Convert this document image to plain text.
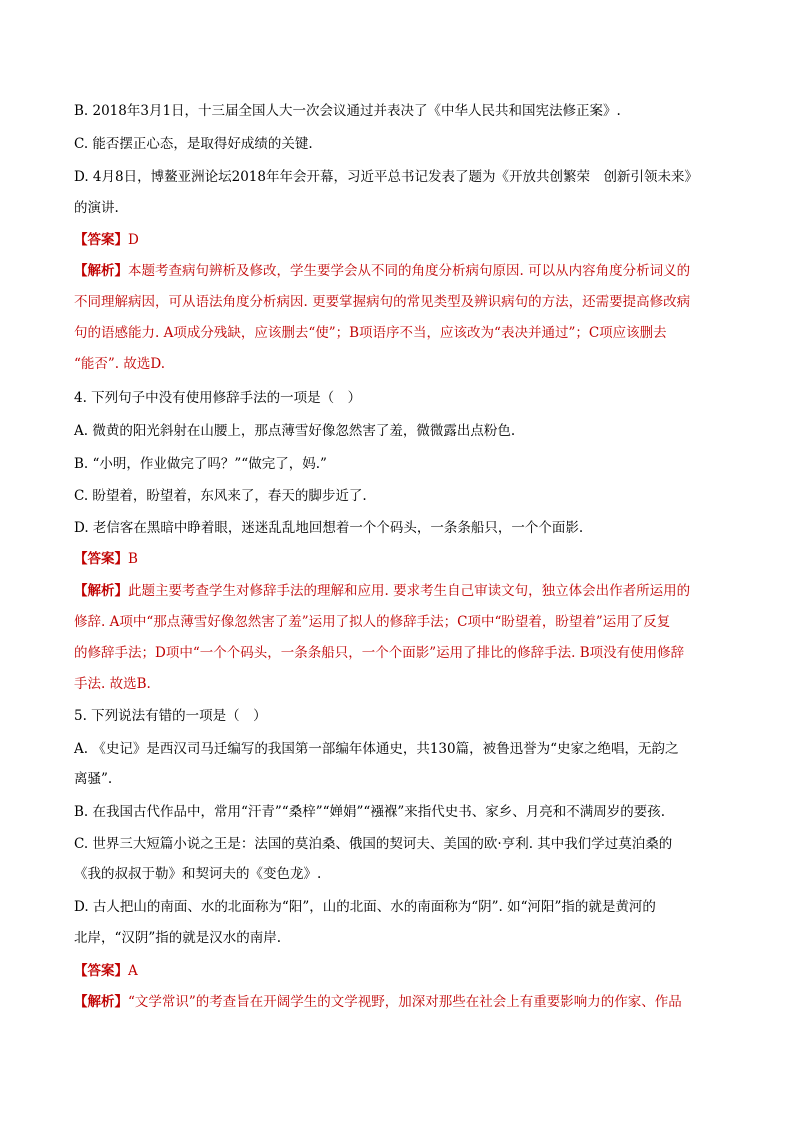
B. 2018年3月1日，十三届全国人大一次会议通过并表决了《中华人民共和国宪法修正案》.
C. 能否摆正心态，是取得好成绩的关键.
D. 4月8日，博鳌亚洲论坛2018年年会开幕，习近平总书记发表了题为《开放共创繁荣　创新引领未来》
的演讲.
【答案】D
【解析】本题考查病句辨析及修改，学生要学会从不同的角度分析病句原因. 可以从内容角度分析词义的
不同理解病因，可从语法角度分析病因. 更要掌握病句的常见类型及辨识病句的方法，还需要提高修改病
句的语感能力. A项成分残缺，应该删去“使”；B项语序不当，应该改为“表决并通过”；C项应该删去
“能否”. 故选D.
4. 下列句子中没有使用修辞手法的一项是（　）
A. 微黄的阳光斜射在山腰上，那点薄雪好像忽然害了羞，微微露出点粉色.
B. “小明，作业做完了吗？”“做完了，妈.”
C. 盼望着，盼望着，东风来了，春天的脚步近了.
D. 老信客在黑暗中睁着眼，迷迷乱乱地回想着一个个码头，一条条船只，一个个面影.
【答案】B
【解析】此题主要考查学生对修辞手法的理解和应用. 要求考生自己审读文句，独立体会出作者所运用的
修辞. A项中“那点薄雪好像忽然害了羞”运用了拟人的修辞手法；C项中“盼望着，盼望着”运用了反复
的修辞手法；D项中“一个个码头，一条条船只，一个个面影”运用了排比的修辞手法. B项没有使用修辞
手法. 故选B.
5. 下列说法有错的一项是（　）
A. 《史记》是西汉司马迁编写的我国第一部编年体通史，共130篇，被鲁迅誉为“史家之绝唱，无韵之
离骚”.
B. 在我国古代作品中，常用“汗青”“桑梓”“婵娟”“襁褓”来指代史书、家乡、月亮和不满周岁的要孩.
C. 世界三大短篇小说之王是：法国的莫泊桑、俄国的契诃夫、美国的欧·亨利. 其中我们学过莫泊桑的
《我的叔叔于勒》和契诃夫的《变色龙》.
D. 古人把山的南面、水的北面称为“阳”，山的北面、水的南面称为“阴”. 如“河阳”指的就是黄河的
北岸，“汉阴”指的就是汉水的南岸.
【答案】A
【解析】“文学常识”的考查旨在开阔学生的文学视野，加深对那些在社会上有重要影响力的作家、作品
